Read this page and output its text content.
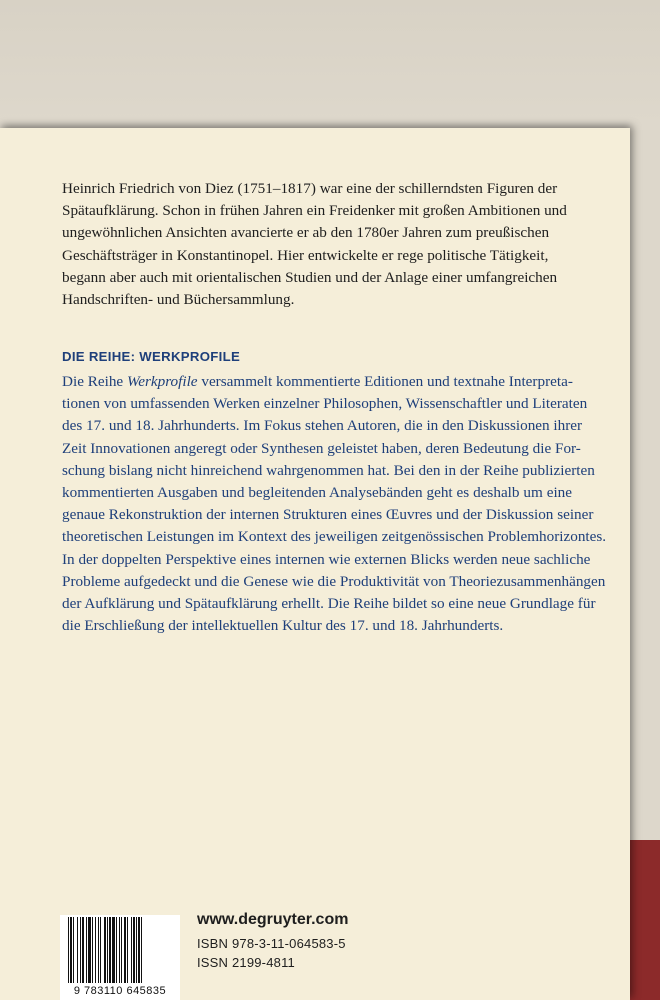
Heinrich Friedrich von Diez (1751–1817) war eine der schillerndsten Figuren der
Spätaufklärung. Schon in frühen Jahren ein Freidenker mit großen Ambitionen und
ungewöhnlichen Ansichten avancierte er ab den 1780er Jahren zum preußischen
Geschäftsträger in Konstantinopel. Hier entwickelte er rege politische Tätigkeit,
begann aber auch mit orientalischen Studien und der Anlage einer umfangreichen
Handschriften- und Büchersammlung.
DIE REIHE: WERKPROFILE
Die Reihe Werkprofile versammelt kommentierte Editionen und textnahe Interpreta-
tionen von umfassenden Werken einzelner Philosophen, Wissenschaftler und Literaten
des 17. und 18. Jahrhunderts. Im Fokus stehen Autoren, die in den Diskussionen ihrer
Zeit Innovationen angeregt oder Synthesen geleistet haben, deren Bedeutung die For-
schung bislang nicht hinreichend wahrgenommen hat. Bei den in der Reihe publizierten
kommentierten Ausgaben und begleitenden Analysebänden geht es deshalb um eine
genaue Rekonstruktion der internen Strukturen eines Œuvres und der Diskussion seiner
theoretischen Leistungen im Kontext des jeweiligen zeitgenössischen Problemhorizontes.
In der doppelten Perspektive eines internen wie externen Blicks werden neue sachliche
Probleme aufgedeckt und die Genese wie die Produktivität von Theoriezusammenhängen
der Aufklärung und Spätaufklärung erhellt. Die Reihe bildet so eine neue Grundlage für
die Erschließung der intellektuellen Kultur des 17. und 18. Jahrhunderts.
9 783110 645835

www.degruyter.com

ISBN 978-3-11-064583-5

ISSN 2199-4811
